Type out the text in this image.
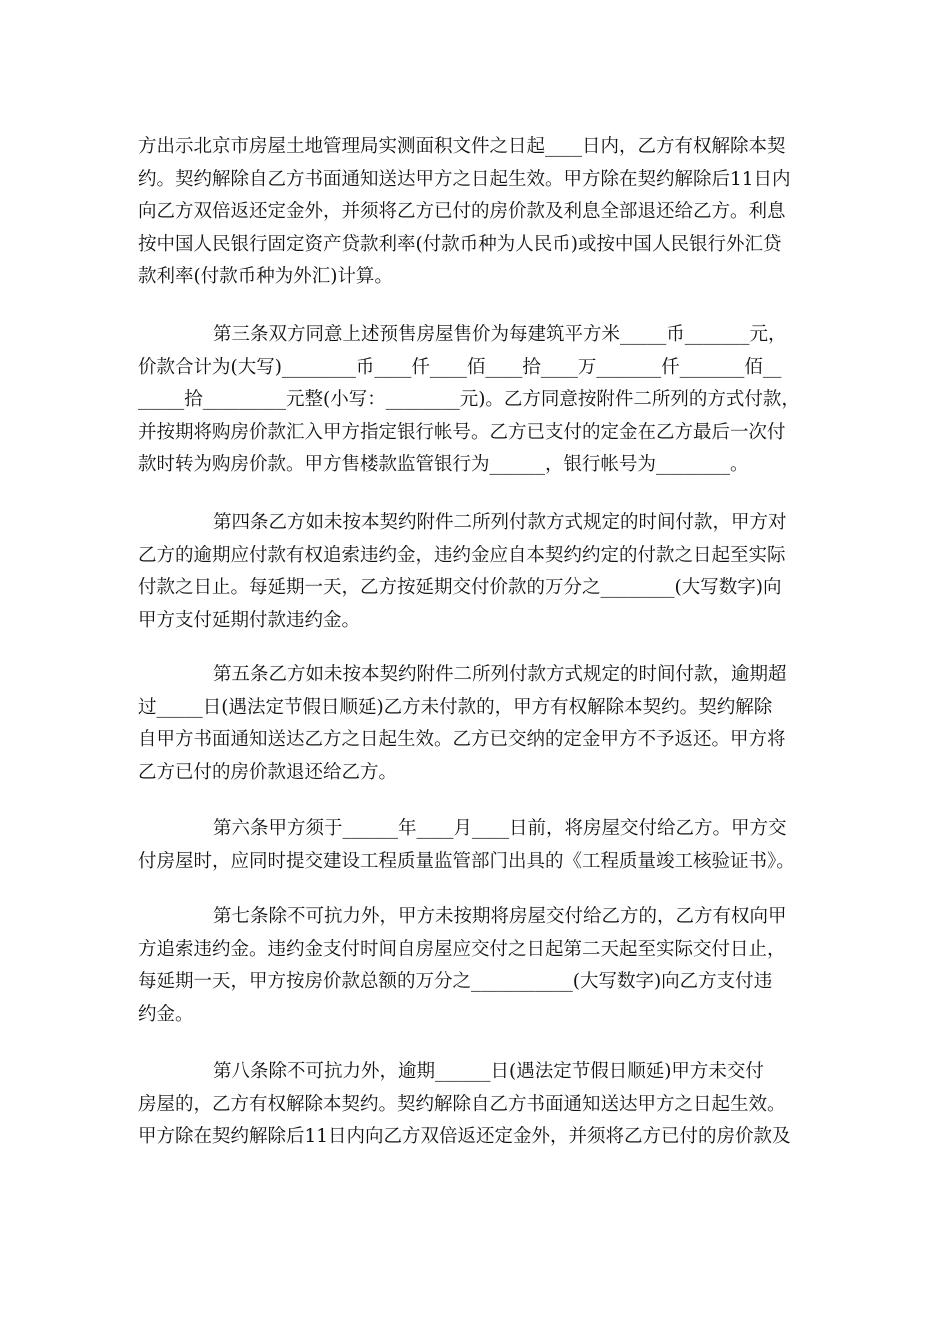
方出示北京市房屋土地管理局实测面积文件之日起____日内，乙方有权解除本契
约。契约解除自乙方书面通知送达甲方之日起生效。甲方除在契约解除后11日内
向乙方双倍返还定金外，并须将乙方已付的房价款及利息全部退还给乙方。利息
按中国人民银行固定资产贷款利率(付款币种为人民币)或按中国人民银行外汇贷
款利率(付款币种为外汇)计算。
第三条双方同意上述预售房屋售价为每建筑平方米_____币_______元，
价款合计为(大写)________币____仟____佰____拾____万_______仟_______佰__
_____拾_________元整(小写：________元)。乙方同意按附件二所列的方式付款，
并按期将购房价款汇入甲方指定银行帐号。乙方已支付的定金在乙方最后一次付
款时转为购房价款。甲方售楼款监管银行为______，银行帐号为________。
第四条乙方如未按本契约附件二所列付款方式规定的时间付款，甲方对
乙方的逾期应付款有权追索违约金，违约金应自本契约约定的付款之日起至实际
付款之日止。每延期一天，乙方按延期交付价款的万分之________(大写数字)向
甲方支付延期付款违约金。
第五条乙方如未按本契约附件二所列付款方式规定的时间付款，逾期超
过_____日(遇法定节假日顺延)乙方未付款的，甲方有权解除本契约。契约解除
自甲方书面通知送达乙方之日起生效。乙方已交纳的定金甲方不予返还。甲方将
乙方已付的房价款退还给乙方。
第六条甲方须于______年____月____日前，将房屋交付给乙方。甲方交
付房屋时，应同时提交建设工程质量监管部门出具的《工程质量竣工核验证书》。
第七条除不可抗力外，甲方未按期将房屋交付给乙方的，乙方有权向甲
方追索违约金。违约金支付时间自房屋应交付之日起第二天起至实际交付日止，
每延期一天，甲方按房价款总额的万分之___________(大写数字)向乙方支付违
约金。
第八条除不可抗力外，逾期______日(遇法定节假日顺延)甲方未交付
房屋的，乙方有权解除本契约。契约解除自乙方书面通知送达甲方之日起生效。
甲方除在契约解除后11日内向乙方双倍返还定金外，并须将乙方已付的房价款及
